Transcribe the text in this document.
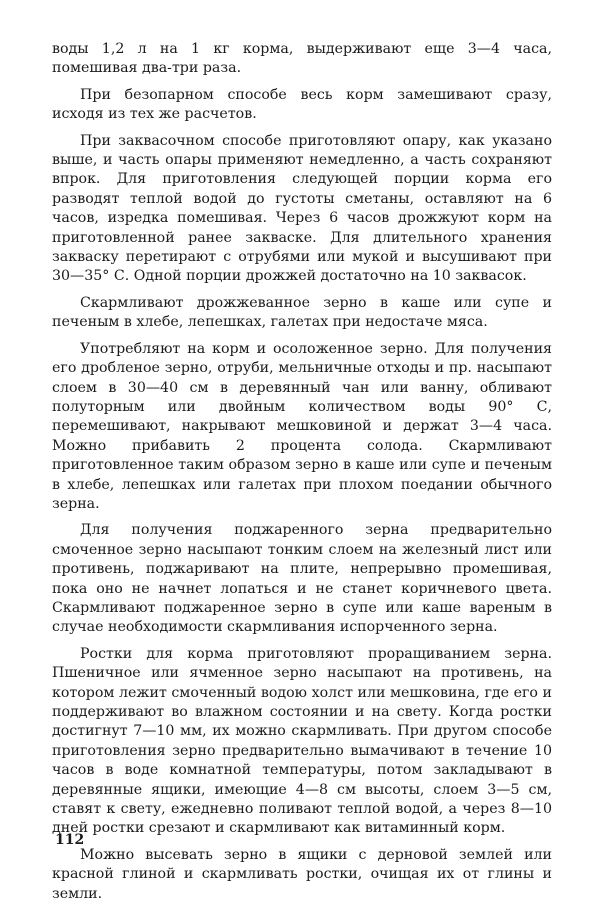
воды 1,2 л на 1 кг корма, выдерживают еще 3—4 часа, помешивая два-три раза.

При безопарном способе весь корм замешивают сразу, исходя из тех же расчетов.

При заквасочном способе приготовляют опару, как указано выше, и часть опары применяют немедленно, а часть сохраняют впрок. Для приготовления следующей порции корма его разводят теплой водой до густоты сметаны, оставляют на 6 часов, изредка помешивая. Через 6 часов дрожжуют корм на приготовленной ранее закваске. Для длительного хранения закваску перетирают с отрубями или мукой и высушивают при 30—35° С. Одной порции дрожжей достаточно на 10 заквасок.

Скармливают дрожжеванное зерно в каше или супе и печеным в хлебе, лепешках, галетах при недостаче мяса.

Употребляют на корм и осоложенное зерно. Для получения его дробленое зерно, отруби, мельничные отходы и пр. насыпают слоем в 30—40 см в деревянный чан или ванну, обливают полуторным или двойным количеством воды 90° С, перемешивают, накрывают мешковиной и держат 3—4 часа. Можно прибавить 2 процента солода. Скармливают приготовленное таким образом зерно в каше или супе и печеным в хлебе, лепешках или галетах при плохом поедании обычного зерна.

Для получения поджаренного зерна предварительно смоченное зерно насыпают тонким слоем на железный лист или противень, поджаривают на плите, непрерывно промешивая, пока оно не начнет лопаться и не станет коричневого цвета. Скармливают поджаренное зерно в супе или каше вареным в случае необходимости скармливания испорченного зерна.

Ростки для корма приготовляют проращиванием зерна. Пшеничное или ячменное зерно насыпают на противень, на котором лежит смоченный водою холст или мешковина, где его и поддерживают во влажном состоянии и на свету. Когда ростки достигнут 7—10 мм, их можно скармливать. При другом способе приготовления зерно предварительно вымачивают в течение 10 часов в воде комнатной температуры, потом закладывают в деревянные ящики, имеющие 4—8 см высоты, слоем 3—5 см, ставят к свету, ежедневно поливают теплой водой, а через 8—10 дней ростки срезают и скармливают как витаминный корм.

Можно высевать зерно в ящики с дерновой землей или красной глиной и скармливать ростки, очищая их от глины и земли.

112
